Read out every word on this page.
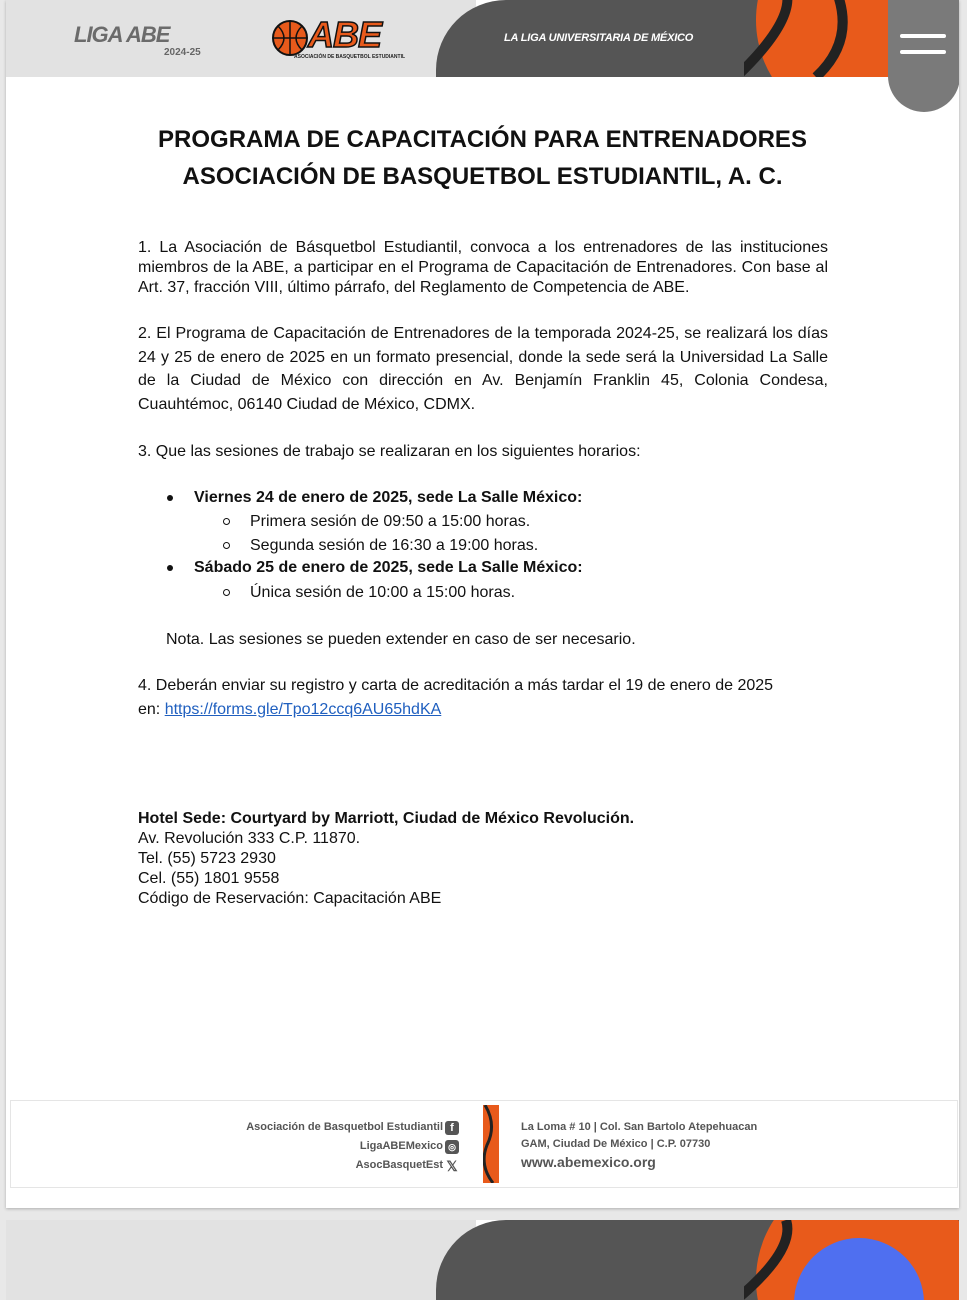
LIGA ABE
2024-25	ABE
ASOCIACIÓN DE BASQUETBOL ESTUDIANTIL
LA LIGA UNIVERSITARIA DE MÉXICO
PROGRAMA DE CAPACITACIÓN PARA ENTRENADORES
ASOCIACIÓN DE BASQUETBOL ESTUDIANTIL, A. C.
1. La Asociación de Básquetbol Estudiantil, convoca a los entrenadores de las instituciones miembros de la ABE, a participar en el Programa de Capacitación de Entrenadores. Con base al Art. 37, fracción VIII, último párrafo, del Reglamento de Competencia de ABE.
2. El Programa de Capacitación de Entrenadores de la temporada 2024-25, se realizará los días 24 y 25 de enero de 2025 en un formato presencial, donde la sede será la Universidad La Salle de la Ciudad de México con dirección en Av. Benjamín Franklin 45, Colonia Condesa, Cuauhtémoc, 06140 Ciudad de México, CDMX.
3. Que las sesiones de trabajo se realizaran en los siguientes horarios:
Viernes 24 de enero de 2025, sede La Salle México:
Primera sesión de 09:50 a 15:00 horas.
Segunda sesión de 16:30 a 19:00 horas.
Sábado 25 de enero de 2025, sede La Salle México:
Única sesión de 10:00 a 15:00 horas.
Nota. Las sesiones se pueden extender en caso de ser necesario.
4. Deberán enviar su registro y carta de acreditación a más tardar el 19 de enero de 2025
en: https://forms.gle/Tpo12ccq6AU65hdKA
Hotel Sede: Courtyard by Marriott, Ciudad de México Revolución.
Av. Revolución 333 C.P. 11870.
Tel. (55) 5723 2930
Cel. (55) 1801 9558
Código de Reservación: Capacitación ABE
Asociación de Basquetbol Estudiantil f
LigaABEMexico ◎
AsocBasquetEst 𝕏
La Loma # 10 | Col. San Bartolo Atepehuacan
GAM, Ciudad De México | C.P. 07730
www.abemexico.org
